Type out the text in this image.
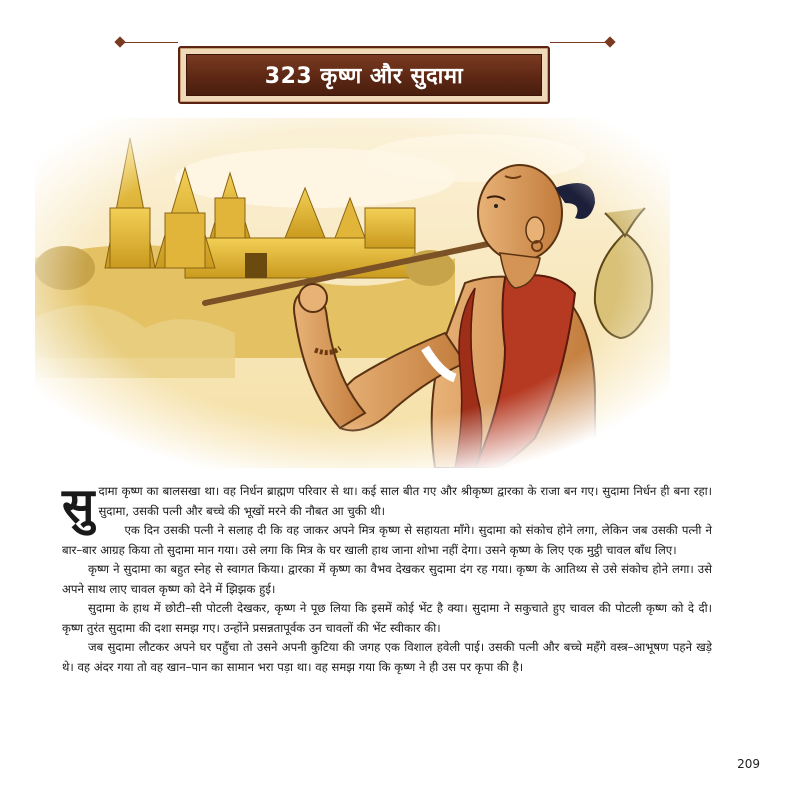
323 कृष्ण और सुदामा

सुदामा कृष्ण का बालसखा था। वह निर्धन ब्राह्मण परिवार से था। कई साल बीत गए और श्रीकृष्ण द्वारका के राजा बन गए। सुदामा निर्धन ही बना रहा। सुदामा, उसकी पत्नी और बच्चे की भूखों मरने की नौबत आ चुकी थी।

एक दिन उसकी पत्नी ने सलाह दी कि वह जाकर अपने मित्र कृष्ण से सहायता माँगे। सुदामा को संकोच होने लगा, लेकिन जब उसकी पत्नी ने बार–बार आग्रह किया तो सुदामा मान गया। उसे लगा कि मित्र के घर खाली हाथ जाना शोभा नहीं देगा। उसने कृष्ण के लिए एक मुट्ठी चावल बाँध लिए।

कृष्ण ने सुदामा का बहुत स्नेह से स्वागत किया। द्वारका में कृष्ण का वैभव देखकर सुदामा दंग रह गया। कृष्ण के आतिथ्य से उसे संकोच होने लगा। उसे अपने साथ लाए चावल कृष्ण को देने में झिझक हुई।

सुदामा के हाथ में छोटी–सी पोटली देखकर, कृष्ण ने पूछ लिया कि इसमें कोई भेंट है क्या। सुदामा ने सकुचाते हुए चावल की पोटली कृष्ण को दे दी। कृष्ण तुरंत सुदामा की दशा समझ गए। उन्होंने प्रसन्नतापूर्वक उन चावलों की भेंट स्वीकार की।

जब सुदामा लौटकर अपने घर पहुँचा तो उसने अपनी कुटिया की जगह एक विशाल हवेली पाई। उसकी पत्नी और बच्चे महँगे वस्त्र–आभूषण पहने खड़े थे। वह अंदर गया तो वह खान–पान का सामान भरा पड़ा था। वह समझ गया कि कृष्ण ने ही उस पर कृपा की है।

209
